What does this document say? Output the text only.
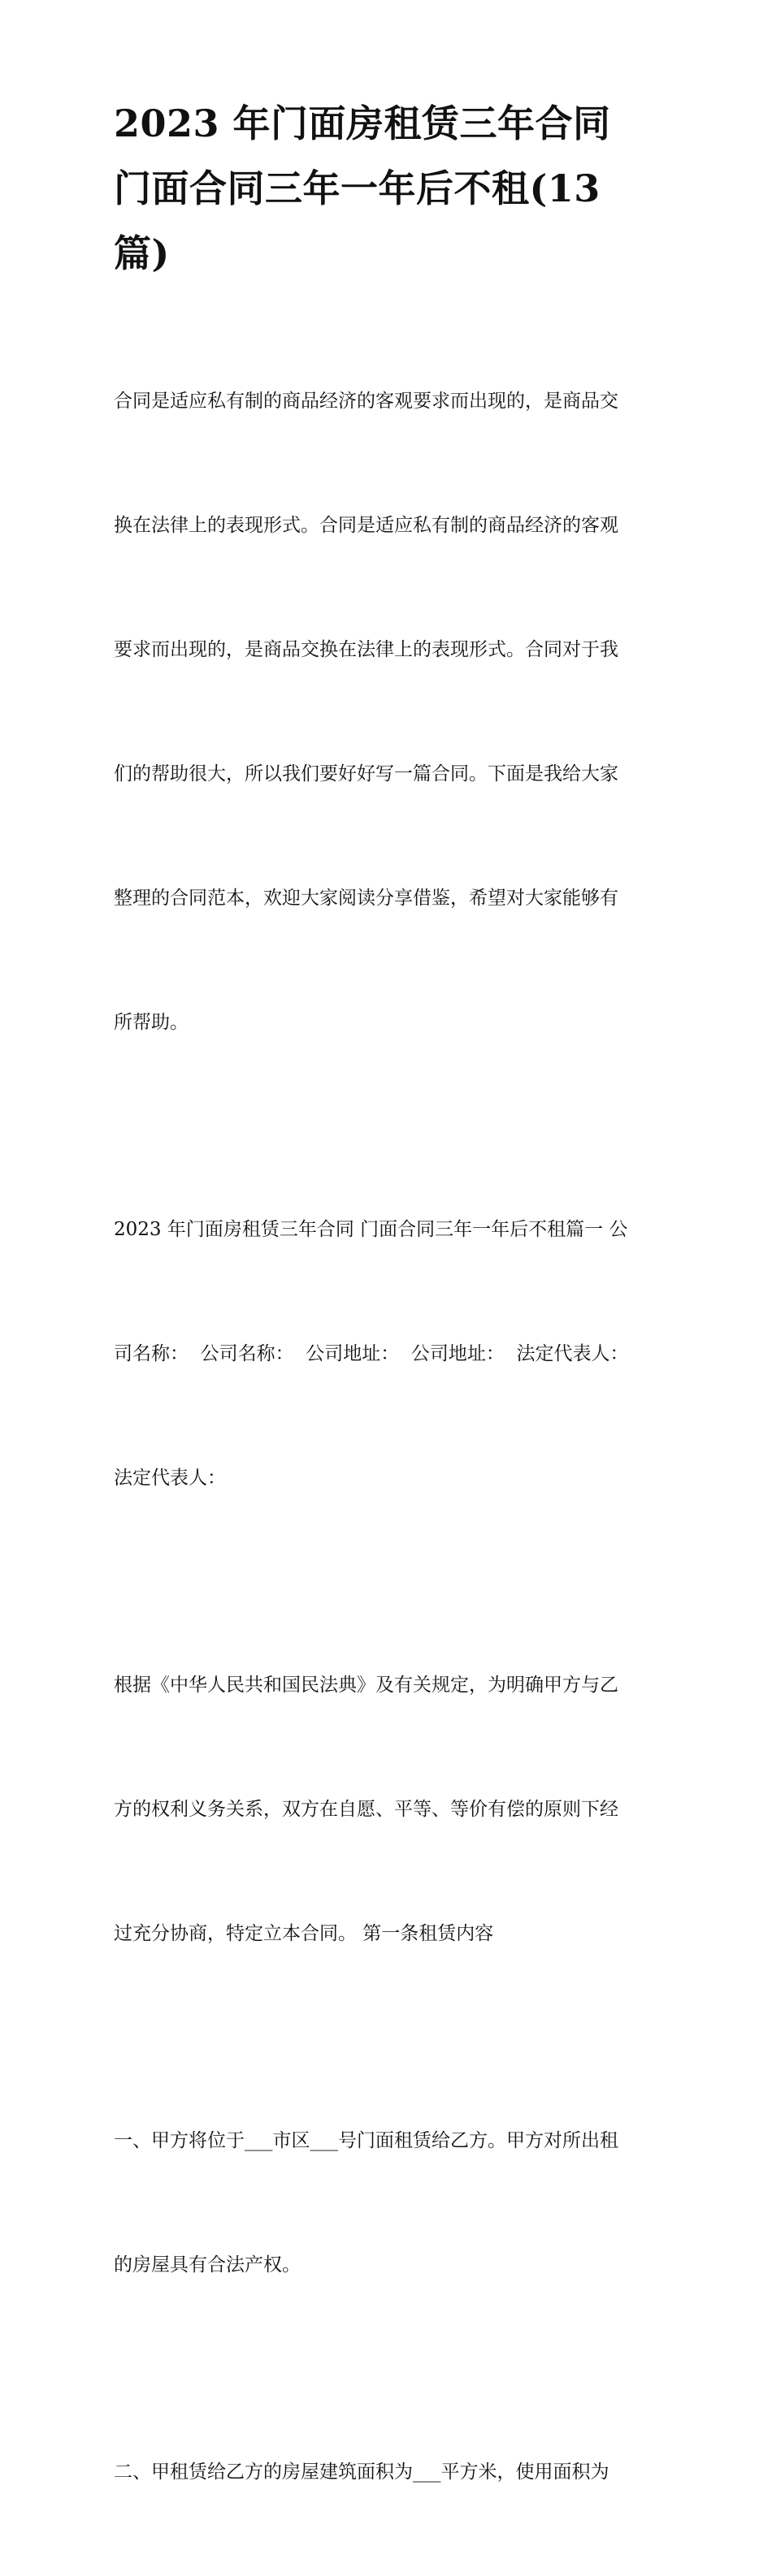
2023 年门面房租赁三年合同
门面合同三年一年后不租(13
篇)

合同是适应私有制的商品经济的客观要求而出现的，是商品交

换在法律上的表现形式。合同是适应私有制的商品经济的客观

要求而出现的，是商品交换在法律上的表现形式。合同对于我

们的帮助很大，所以我们要好好写一篇合同。下面是我给大家

整理的合同范本，欢迎大家阅读分享借鉴，希望对大家能够有

所帮助。

2023 年门面房租赁三年合同 门面合同三年一年后不租篇一 公

司名称：  公司名称：  公司地址：  公司地址：  法定代表人：

法定代表人：

根据《中华人民共和国民法典》及有关规定，为明确甲方与乙

方的权利义务关系，双方在自愿、平等、等价有偿的原则下经

过充分协商，特定立本合同。 第一条租赁内容

一、甲方将位于___市区___号门面租赁给乙方。甲方对所出租

的房屋具有合法产权。

二、甲租赁给乙方的房屋建筑面积为___平方米，使用面积为
